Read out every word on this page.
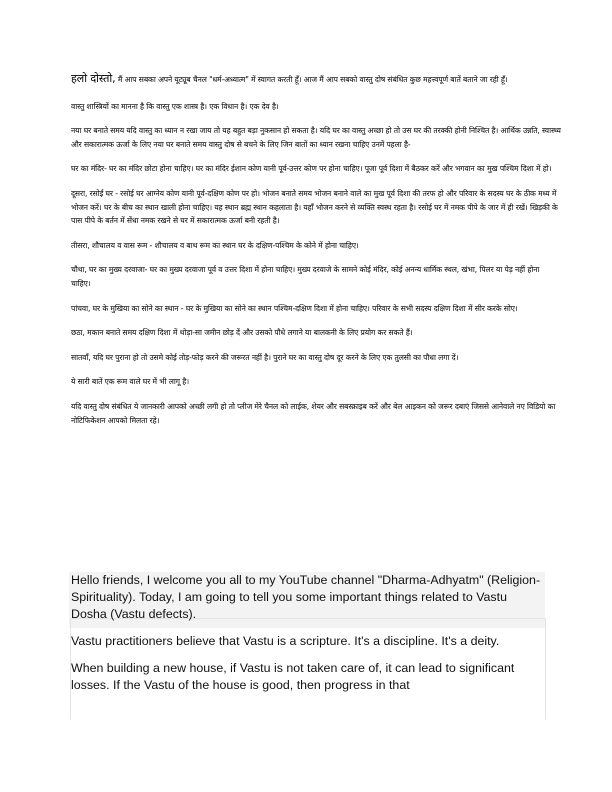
हलो दोस्तो, मैं आप सबका अपने यूट्यूब चैनल "धर्म-अध्यात्म" में स्वागत करती हूँ। आज मैं आप सबको वास्तु दोष संबंधित कुछ महत्त्वपूर्ण बातें बताने जा रही हूँ।

वास्तु शास्त्रियों का मानना है कि वास्तु एक शास्त्र है। एक विधान है। एक देव है।

नया घर बनाते समय यदि वास्तु का ध्यान न रखा जाय तो यह बहुत बड़ा नुकसान हो सकता है। यदि घर का वास्तु अच्छा हो तो उस घर की तरक्की होनी निश्चित है। आर्थिक उन्नति, स्वास्थ्य और सकारात्मक ऊर्जा के लिए नया घर बनाते समय वास्तु दोष से बचने के लिए जिन बातों का ध्यान रखना चाहिए उनमें पहला है-

घर का मंदिर- घर का मंदिर छोटा होना चाहिए। घर का मंदिर ईशान कोण यानी पूर्व-उत्तर कोण पर होना चाहिए। पूजा पूर्व दिशा में बैठकर करें और भगवान का मुख पश्चिम दिशा में हो।

दूसरा, रसोईं घर - रसोई घर आग्नेय कोण यानी पूर्व-दक्षिण कोण पर हो। भोजन बनाते समय भोजन बनाने वाले का मुख पूर्व दिशा की तरफ हो और परिवार के सदस्य घर के ठीक मध्य में भोजन करें। घर के बीच का स्थान खाली होना चाहिए। यह स्थान ब्रह्म स्थान कहलाता है। यहाँ भोजन करने से व्यक्ति स्वस्थ रहता है। रसोई घर में नमक पीपे के जार में ही रखें। खिड़की के पास पीपे के बर्तन में सेंधा नमक रखने से घर में सकारात्मक ऊर्जा बनी रहती है।

तीसरा, शौचालय व वास रूम - शौचालय व बाथ रूम का स्थान घर के दक्षिण-पश्चिम के कोने में होना चाहिए।

चौथा, घर का मुख्य दरवाजा- घर का मुख्य दरवाजा पूर्व व उत्तर दिशा में होना चाहिए। मुख्य दरवाजे के सामने कोई मंदिर, कोई अनन्य धार्मिक स्थल, खंभा, पिलर या पेड़ नहीं होना चाहिए।

पांचवा, घर के मुखिया का सोने का स्थान - घर के मुखिया का सोने का स्थान पश्चिम-दक्षिण दिशा में होना चाहिए। परिवार के सभी सदस्य दक्षिण दिशा में सीर करके सोए।

छठा, मकान बनाते समय दक्षिण दिशा में थोड़ा-सा जमीन छोड़ दें और उसको पौधे लगाने या बालकनी के लिए प्रयोग कर सकते हैं।

सातवाँ, यदि घर पुराना हो तो उसमे कोई तोड़-फोड़ करने की जरूरत नहीं है। पुराने घर का वास्तु दोष दूर करने के लिए एक तुलसी का पौधा लगा दें।

ये सारी बातें एक रूम वाले घर में भी लागू है।

यदि वास्तु दोष संबंधित ये जानकारी आपको अच्छी लगी हो तो प्लीज मेरे चैनल को लाईक, शेयर और सबस्क्राइब करें और बेल आइकन को जरूर दबाएं जिससे आनेवाले नए विडियो का नोटिफिकेशन आपको मिलता रहे।

Hello friends, I welcome you all to my YouTube channel "Dharma-Adhyatm" (Religion-Spirituality). Today, I am going to tell you some important things related to Vastu Dosha (Vastu defects).

Vastu practitioners believe that Vastu is a scripture. It's a discipline. It's a deity.

When building a new house, if Vastu is not taken care of, it can lead to significant losses. If the Vastu of the house is good, then progress in that
